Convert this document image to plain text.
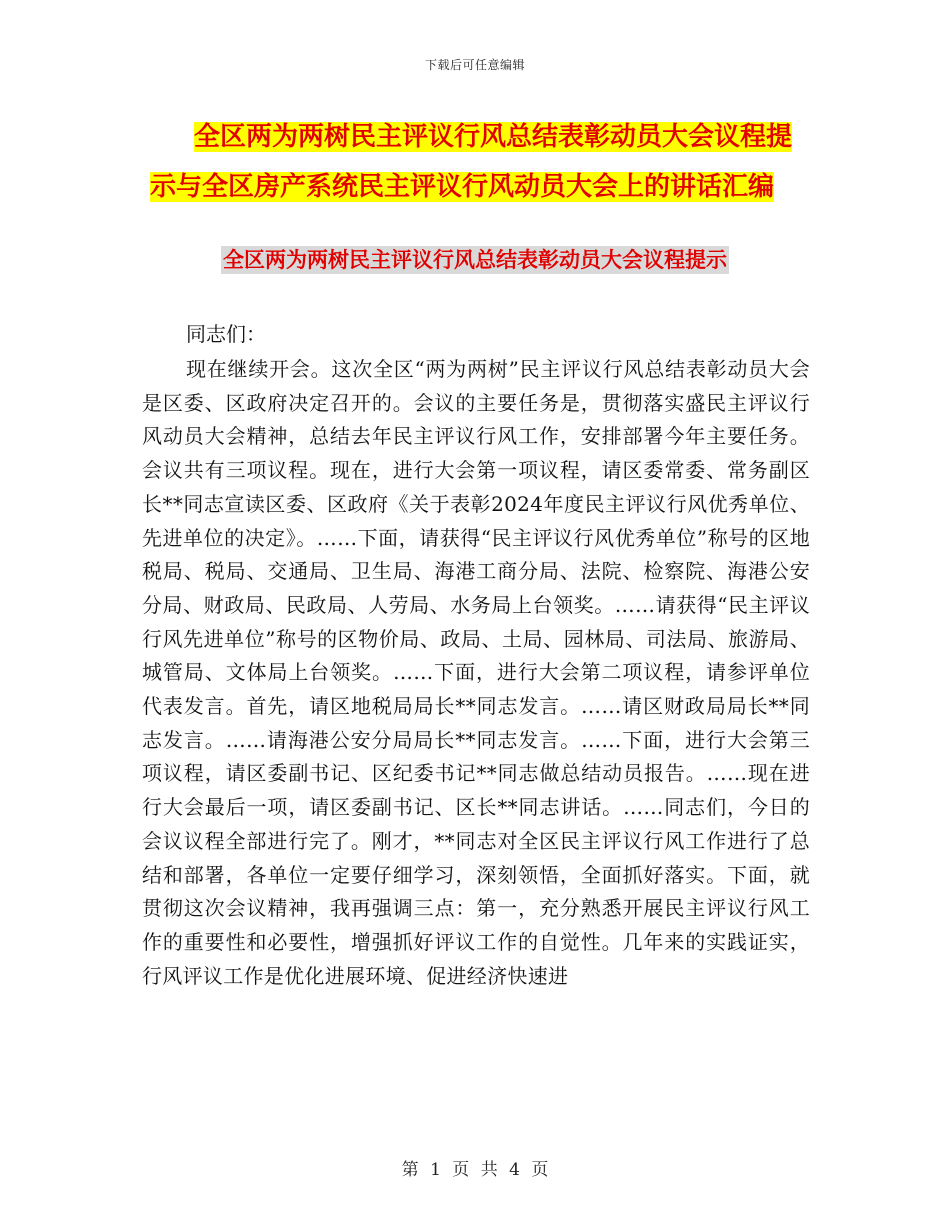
下载后可任意编辑
全区两为两树民主评议行风总结表彰动员大会议程提
示与全区房产系统民主评议行风动员大会上的讲话汇编
全区两为两树民主评议行风总结表彰动员大会议程提示

同志们：

现在继续开会。这次全区“两为两树”民主评议行风总结表彰动员大会是区委、区政府决定召开的。会议的主要任务是，贯彻落实盛民主评议行风动员大会精神，总结去年民主评议行风工作，安排部署今年主要任务。会议共有三项议程。现在，进行大会第一项议程，请区委常委、常务副区长**同志宣读区委、区政府《关于表彰2024年度民主评议行风优秀单位、先进单位的决定》。……下面，请获得“民主评议行风优秀单位”称号的区地税局、税局、交通局、卫生局、海港工商分局、法院、检察院、海港公安分局、财政局、民政局、人劳局、水务局上台领奖。……请获得“民主评议行风先进单位”称号的区物价局、政局、土局、园林局、司法局、旅游局、城管局、文体局上台领奖。……下面，进行大会第二项议程，请参评单位代表发言。首先，请区地税局局长**同志发言。……请区财政局局长**同志发言。……请海港公安分局局长**同志发言。……下面，进行大会第三项议程，请区委副书记、区纪委书记**同志做总结动员报告。……现在进行大会最后一项，请区委副书记、区长**同志讲话。……同志们，今日的会议议程全部进行完了。刚才，**同志对全区民主评议行风工作进行了总结和部署，各单位一定要仔细学习，深刻领悟，全面抓好落实。下面，就贯彻这次会议精神，我再强调三点：第一，充分熟悉开展民主评议行风工作的重要性和必要性，增强抓好评议工作的自觉性。几年来的实践证实，行风评议工作是优化进展环境、促进经济快速进

第 1 页 共 4 页
